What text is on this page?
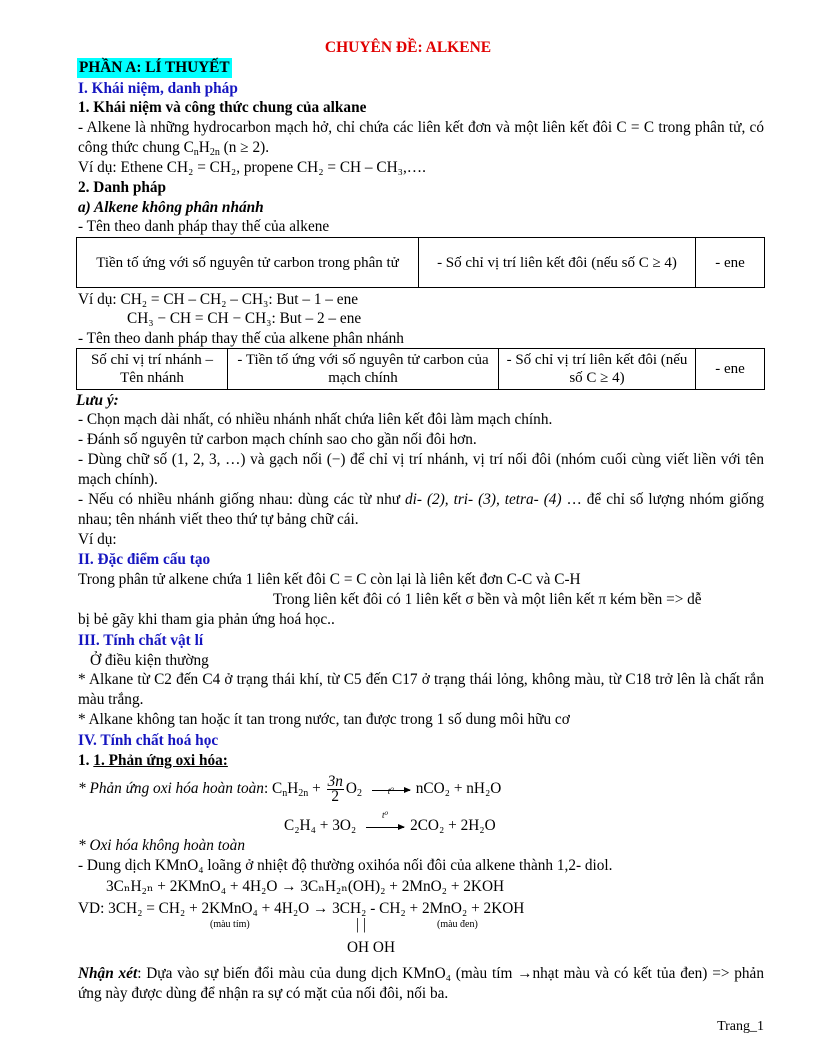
CHUYÊN ĐỀ: ALKENE
PHẦN A: LÍ THUYẾT
I. Khái niệm, danh pháp
1. Khái niệm và công thức chung của alkane
- Alkene là những hydrocarbon mạch hở, chỉ chứa các liên kết đơn và một liên kết đôi C = C trong phân tử, có công thức chung $C_nH_{2n}$ (n ≥ 2).
Ví dụ: Ethene CH₂ = CH₂, propene CH₂ = CH – CH₃,….
2. Danh pháp
a) Alkene không phân nhánh
- Tên theo danh pháp thay thế của alkene
Tiền tố ứng với số nguyên tử carbon trong phân tử	- Số chỉ vị trí liên kết đôi (nếu số C ≥ 4)	- ene
Ví dụ: CH₂ = CH – CH₂ – CH₃: But – 1 – ene
CH₃ − CH = CH − CH₃: But – 2 – ene
- Tên theo danh pháp thay thế của alkene phân nhánh
Số chỉ vị trí nhánh – Tên nhánh	- Tiền tố ứng với số nguyên tử carbon của mạch chính	- Số chỉ vị trí liên kết đôi (nếu số C ≥ 4)	- ene
Lưu ý:
- Chọn mạch dài nhất, có nhiều nhánh nhất chứa liên kết đôi làm mạch chính.
- Đánh số nguyên tử carbon mạch chính sao cho gần nối đôi hơn.
- Dùng chữ số (1, 2, 3, …) và gạch nối (−) để chỉ vị trí nhánh, vị trí nối đôi (nhóm cuối cùng viết liền với tên mạch chính).
- Nếu có nhiều nhánh giống nhau: dùng các từ như di- (2), tri- (3), tetra- (4) … để chỉ số lượng nhóm giống nhau; tên nhánh viết theo thứ tự bảng chữ cái.
Ví dụ:
II. Đặc điểm cấu tạo
Trong phân tử alkene chứa 1 liên kết đôi C = C còn lại là liên kết đơn C-C và C-H
Trong liên kết đôi có 1 liên kết σ bền và một liên kết π kém bền => dễ
bị bẻ gãy khi tham gia phản ứng hoá học..
III. Tính chất vật lí
Ở điều kiện thường
* Alkane từ C2 đến C4 ở trạng thái khí, từ C5 đến C17 ở trạng thái lỏng, không màu, từ C18 trở lên là chất rắn màu trắng.
* Alkane không tan hoặc ít tan trong nước, tan được trong 1 số dung môi hữu cơ
IV. Tính chất hoá học
1. 1. Phản ứng oxi hóa:
* Phản ứng oxi hóa hoàn toàn: $C_nH_{2n} + \frac{3n}{2} O_2$	t⁰	nCO₂ + nH₂O
C₂H₄ + 3O₂
t⁰
2CO₂ + 2H₂O
* Oxi hóa không hoàn toàn
- Dung dịch KMnO₄ loãng ở nhiệt độ thường oxihóa nối đôi của alkene thành 1,2- diol.
3CₙH₂ₙ + 2KMnO₄ + 4H₂O → 3CₙH₂ₙ(OH)₂ + 2MnO₂ + 2KOH
VD: 3CH₂ = CH₂ + 2KMnO₄ + 4H₂O → 3CH₂ - CH₂ + 2MnO₂ + 2KOH
(màu tím)	(màu đen)
| |
OH OH
Nhận xét: Dựa vào sự biến đổi màu của dung dịch KMnO₄ (màu tím →nhạt màu và có kết tủa đen) => phản ứng này được dùng để nhận ra sự có mặt của nối đôi, nối ba.
Trang_1
